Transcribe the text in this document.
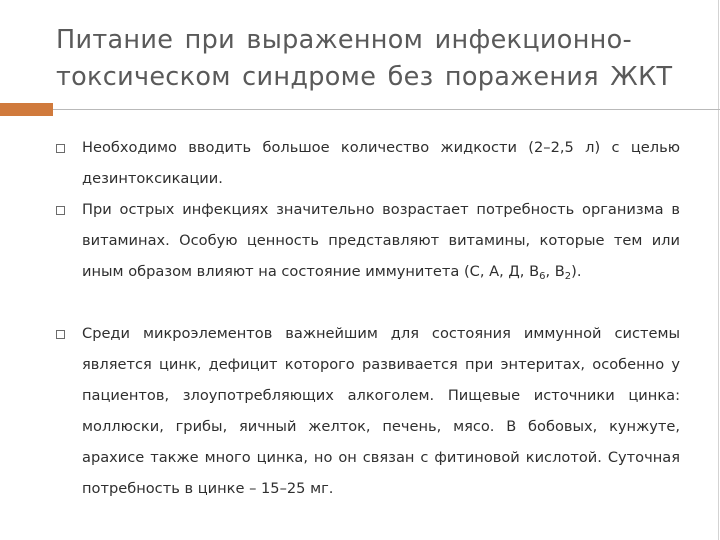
Питание при выраженном инфекционно-
токсическом синдроме без поражения ЖКТ
Необходимо вводить большое количество жидкости (2–2,5 л) с целью дезинтоксикации.
При острых инфекциях значительно возрастает потребность организма в витаминах. Особую ценность представляют витамины, которые тем или иным образом влияют на состояние иммунитета (С, А, Д, $В_6$, $В_2$).
Среди микроэлементов важнейшим для состояния иммунной системы является цинк, дефицит которого развивается при энтеритах, особенно у пациентов, злоупотребляющих алкоголем. Пищевые источники цинка: моллюски, грибы, яичный желток, печень, мясо. В бобовых, кунжуте, арахисе также много цинка, но он связан с фитиновой кислотой. Суточная потребность в цинке – 15–25 мг.
